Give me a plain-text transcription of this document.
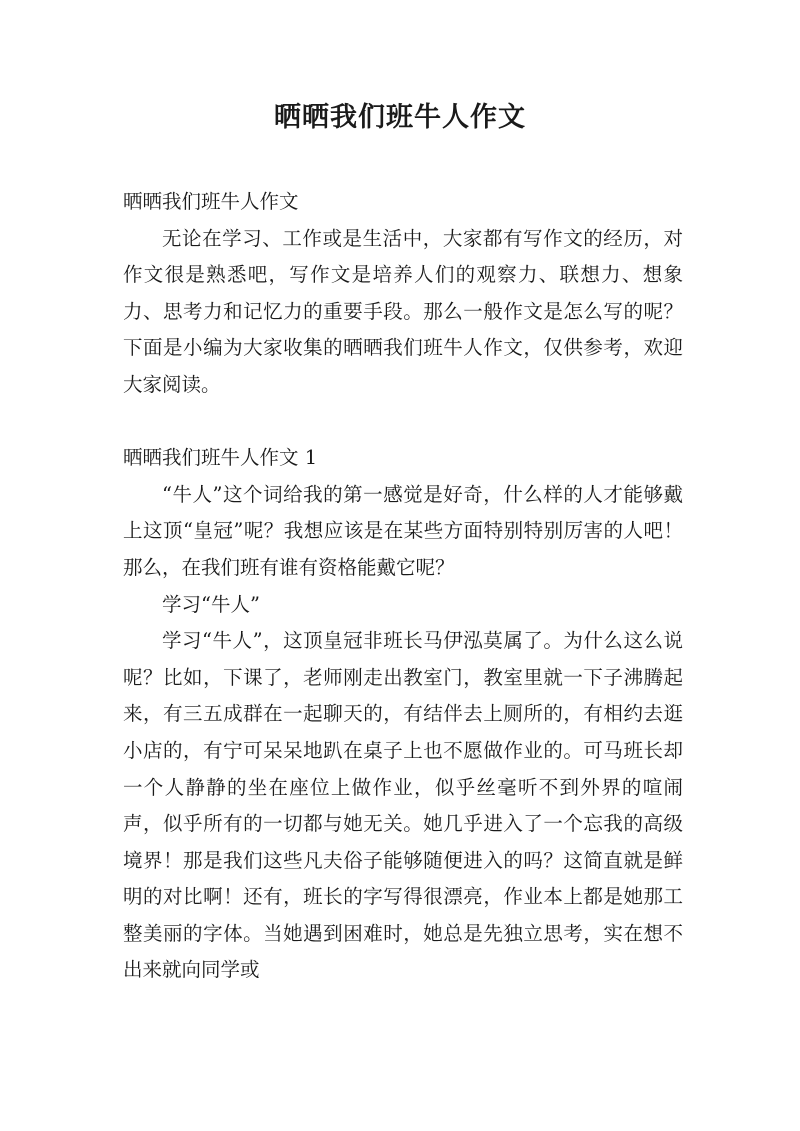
晒晒我们班牛人作文

晒晒我们班牛人作文

无论在学习、工作或是生活中，大家都有写作文的经历，对作文很是熟悉吧，写作文是培养人们的观察力、联想力、想象力、思考力和记忆力的重要手段。那么一般作文是怎么写的呢？下面是小编为大家收集的晒晒我们班牛人作文，仅供参考，欢迎大家阅读。

晒晒我们班牛人作文 1

“牛人”这个词给我的第一感觉是好奇，什么样的人才能够戴上这顶“皇冠”呢？我想应该是在某些方面特别特别厉害的人吧！那么，在我们班有谁有资格能戴它呢？

学习“牛人”

学习“牛人”，这顶皇冠非班长马伊泓莫属了。为什么这么说呢？比如，下课了，老师刚走出教室门，教室里就一下子沸腾起来，有三五成群在一起聊天的，有结伴去上厕所的，有相约去逛小店的，有宁可呆呆地趴在桌子上也不愿做作业的。可马班长却一个人静静的坐在座位上做作业，似乎丝毫听不到外界的喧闹声，似乎所有的一切都与她无关。她几乎进入了一个忘我的高级境界！那是我们这些凡夫俗子能够随便进入的吗？这简直就是鲜明的对比啊！还有，班长的字写得很漂亮，作业本上都是她那工整美丽的字体。当她遇到困难时，她总是先独立思考，实在想不出来就向同学或
